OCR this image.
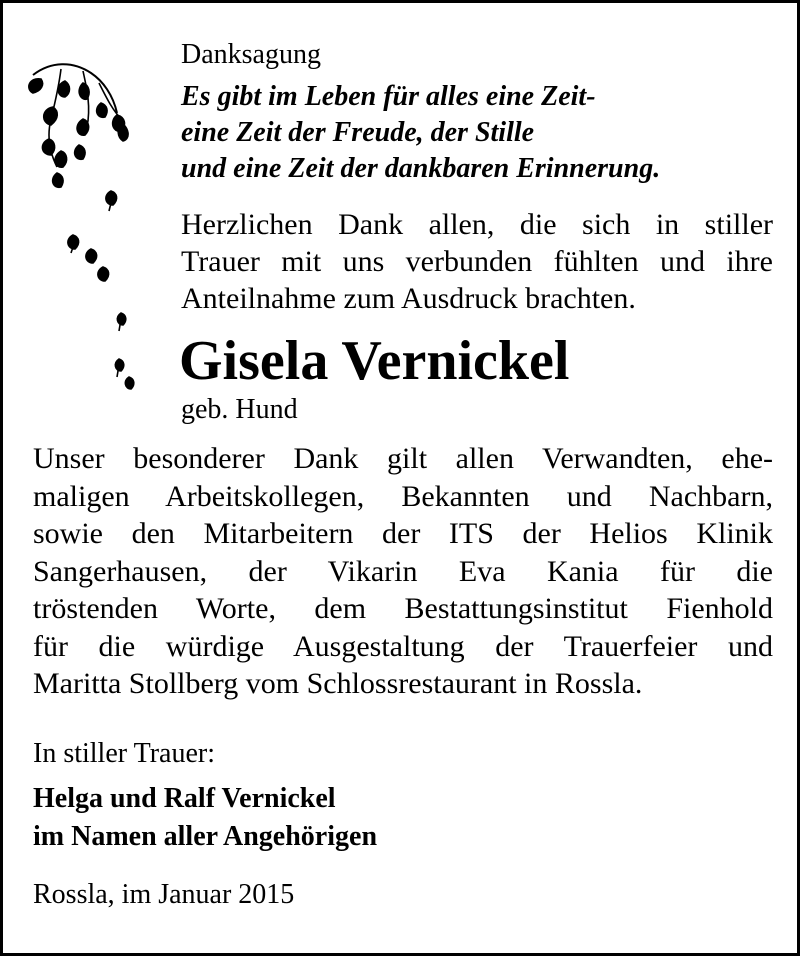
Danksagung

Es gibt im Leben für alles eine Zeit-
eine Zeit der Freude, der Stille
und eine Zeit der dankbaren Erinnerung.
Herzlichen Dank allen, die sich in stiller
Trauer mit uns verbunden fühlten und ihre
Anteilnahme zum Ausdruck brachten.

Gisela Vernickel

geb. Hund

Unser besonderer Dank gilt allen Verwandten, ehe-
maligen Arbeitskollegen, Bekannten und Nachbarn,
sowie den Mitarbeitern der ITS der Helios Klinik
Sangerhausen, der Vikarin Eva Kania für die
tröstenden Worte, dem Bestattungsinstitut Fienhold
für die würdige Ausgestaltung der Trauerfeier und
Maritta Stollberg vom Schlossrestaurant in Rossla.

In stiller Trauer:

Helga und Ralf Vernickel

im Namen aller Angehörigen

Rossla, im Januar 2015
